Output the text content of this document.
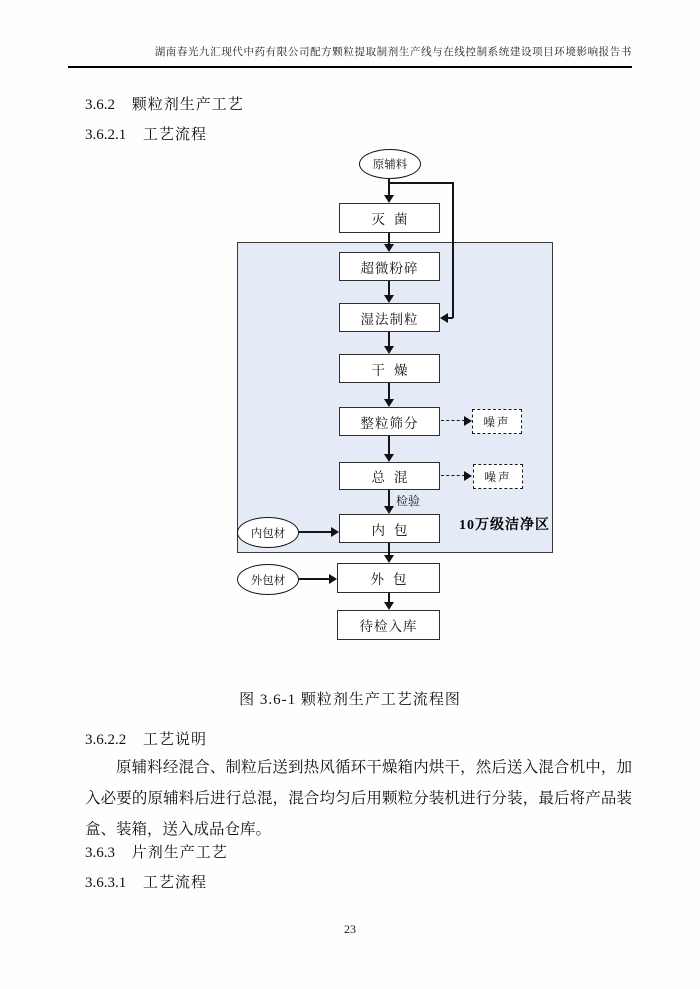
湖南春光九汇现代中药有限公司配方颗粒提取制剂生产线与在线控制系统建设项目环境影响报告书
3.6.2 颗粒剂生产工艺
3.6.2.1 工艺流程
10万级洁净区
原辅料
灭菌
超微粉碎
湿法制粒
干燥
整粒筛分
总混
内包
外包
待检入库
检验
噪声
噪声
内包材
外包材
图 3.6-1 颗粒剂生产工艺流程图
3.6.2.2 工艺说明
原辅料经混合、制粒后送到热风循环干燥箱内烘干，然后送入混合机中，加入必要的原辅料后进行总混，混合均匀后用颗粒分装机进行分装，最后将产品装盒、装箱，送入成品仓库。
3.6.3 片剂生产工艺
3.6.3.1 工艺流程
23
